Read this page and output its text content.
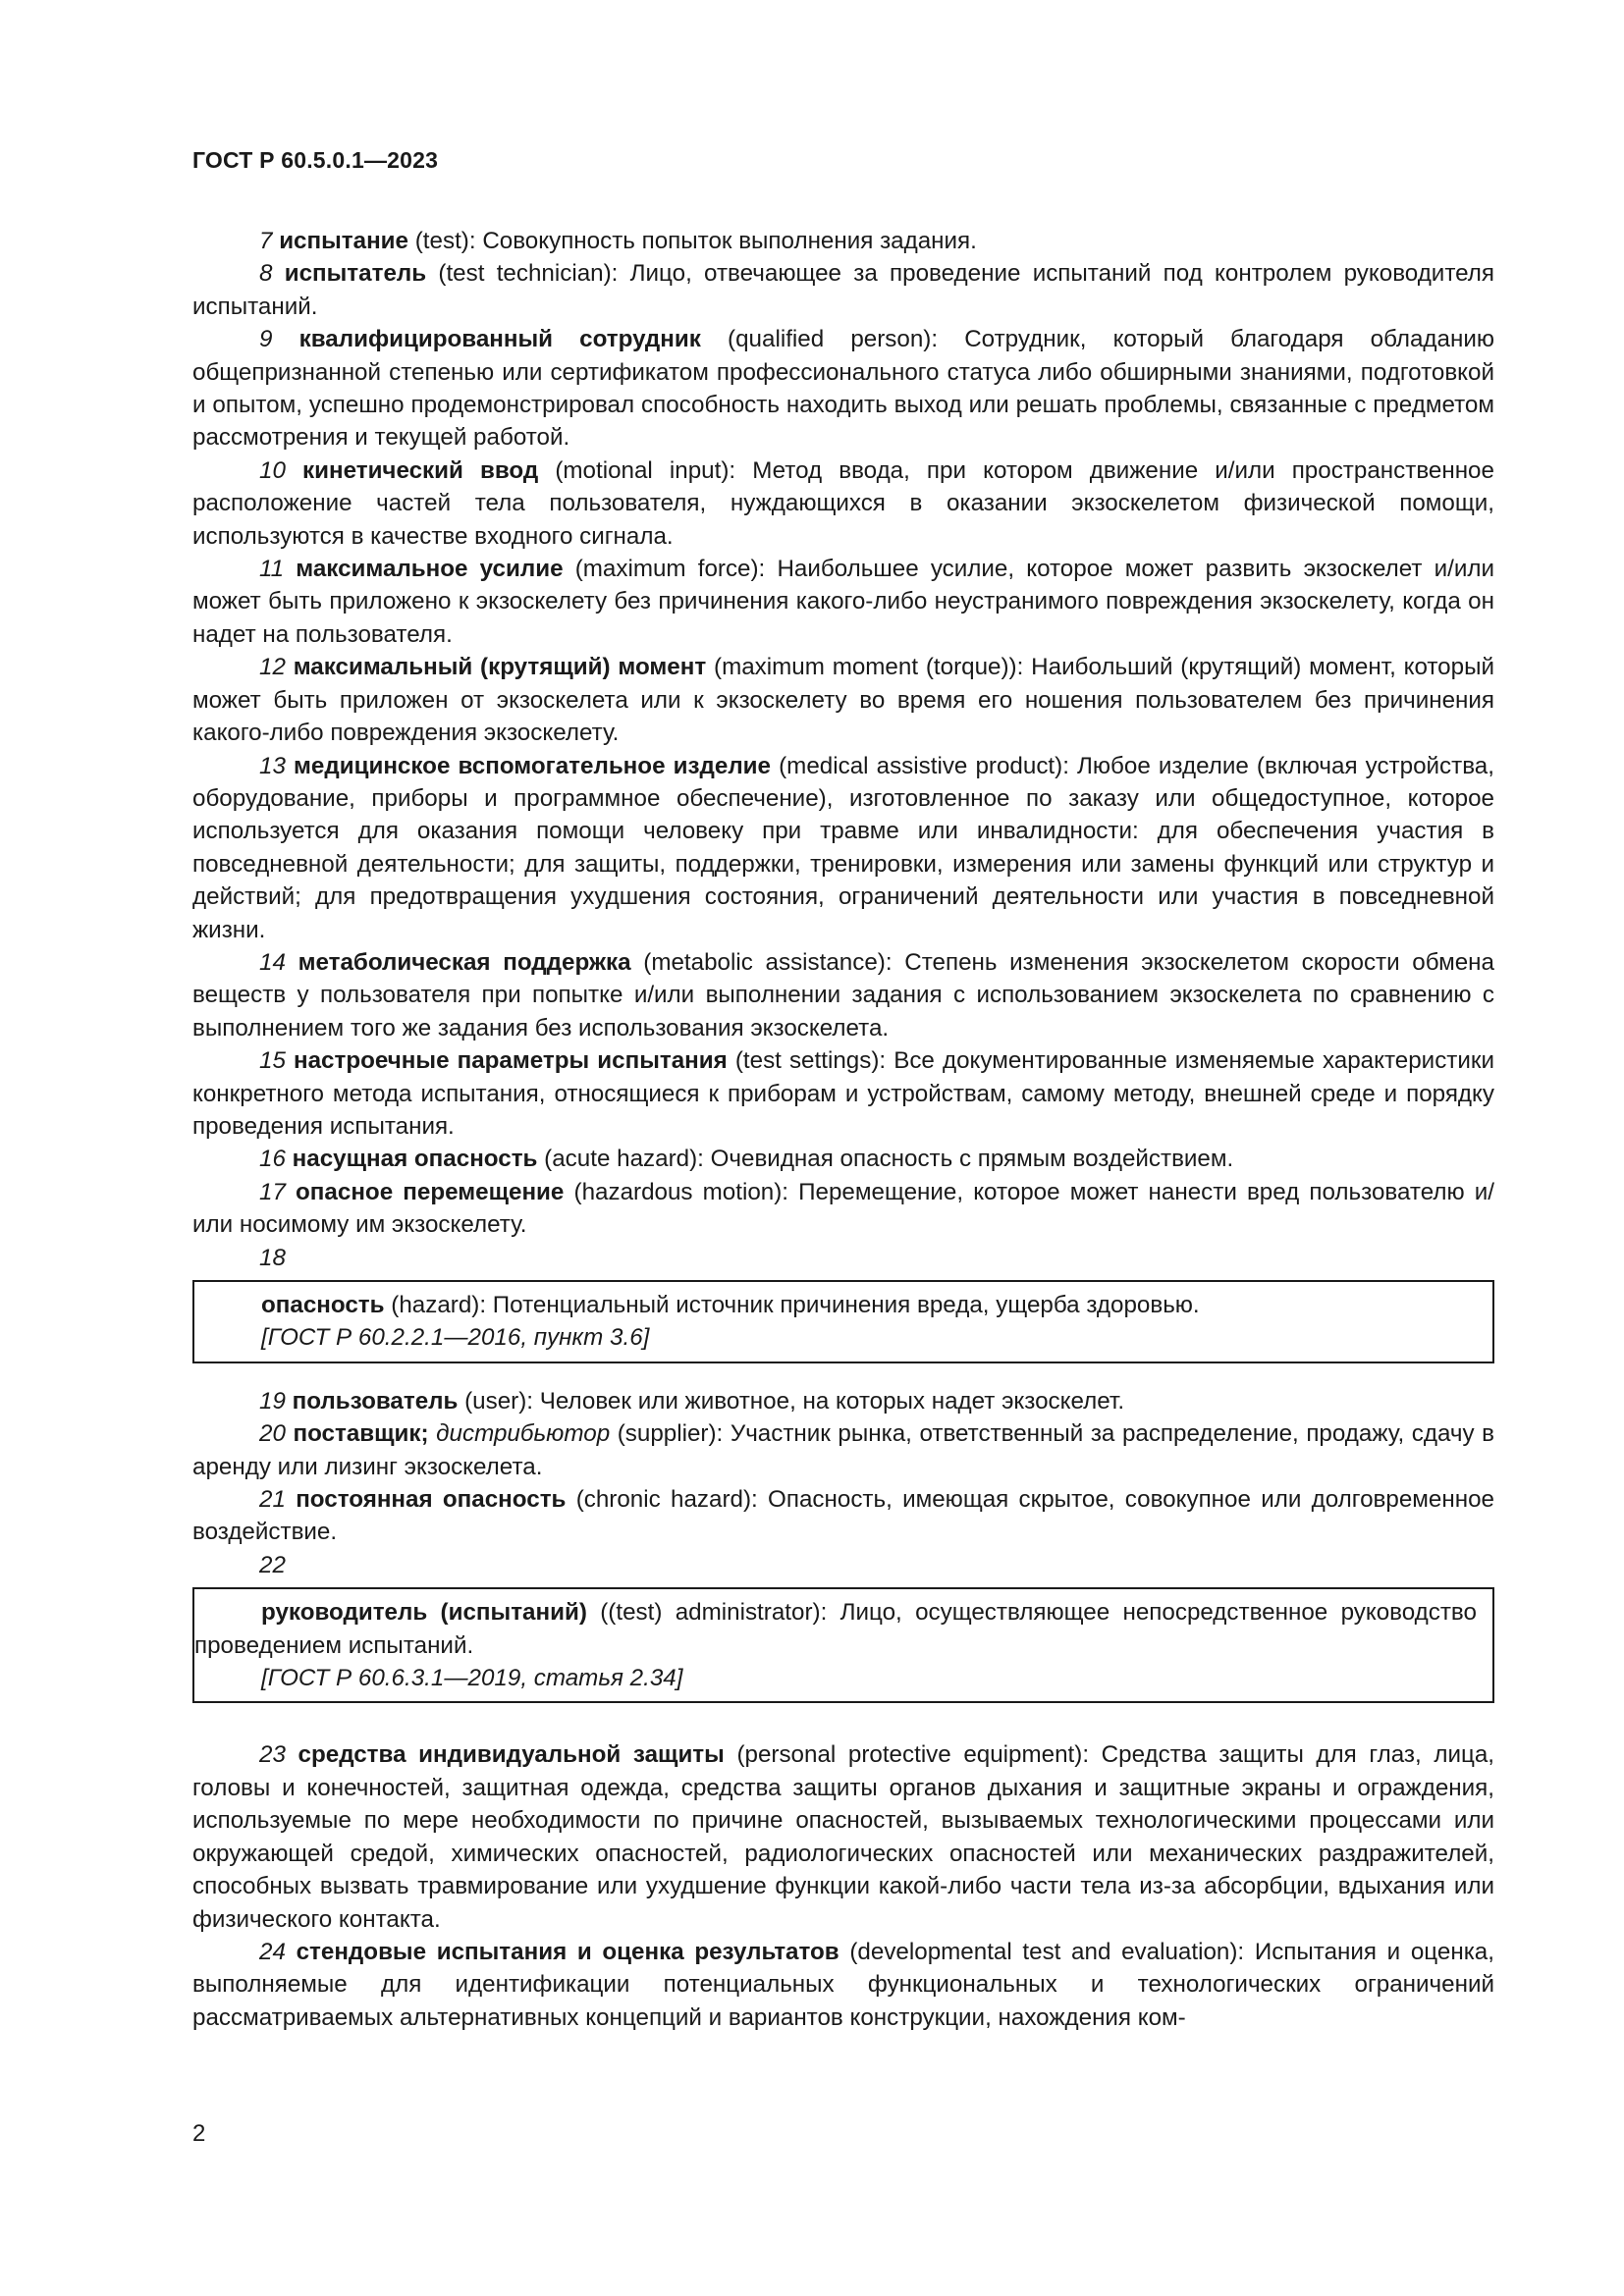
ГОСТ Р 60.5.0.1—2023

7 испытание (test): Совокупность попыток выполнения задания.

8 испытатель (test technician): Лицо, отвечающее за проведение испытаний под контролем руководителя испытаний.

9 квалифицированный сотрудник (qualified person): Сотрудник, который благодаря обладанию общепризнанной степенью или сертификатом профессионального статуса либо обширными знаниями, подготовкой и опытом, успешно продемонстрировал способность находить выход или решать проблемы, связанные с предметом рассмотрения и текущей работой.

10 кинетический ввод (motional input): Метод ввода, при котором движение и/или пространственное расположение частей тела пользователя, нуждающихся в оказании экзоскелетом физической помощи, используются в качестве входного сигнала.

11 максимальное усилие (maximum force): Наибольшее усилие, которое может развить экзоскелет и/или может быть приложено к экзоскелету без причинения какого-либо неустранимого повреждения экзоскелету, когда он надет на пользователя.

12 максимальный (крутящий) момент (maximum moment (torque)): Наибольший (крутящий) момент, который может быть приложен от экзоскелета или к экзоскелету во время его ношения пользователем без причинения какого-либо повреждения экзоскелету.

13 медицинское вспомогательное изделие (medical assistive product): Любое изделие (включая устройства, оборудование, приборы и программное обеспечение), изготовленное по заказу или общедоступное, которое используется для оказания помощи человеку при травме или инвалидности: для обеспечения участия в повседневной деятельности; для защиты, поддержки, тренировки, измерения или замены функций или структур и действий; для предотвращения ухудшения состояния, ограничений деятельности или участия в повседневной жизни.

14 метаболическая поддержка (metabolic assistance): Степень изменения экзоскелетом скорости обмена веществ у пользователя при попытке и/или выполнении задания с использованием экзоскелета по сравнению с выполнением того же задания без использования экзоскелета.

15 настроечные параметры испытания (test settings): Все документированные изменяемые характеристики конкретного метода испытания, относящиеся к приборам и устройствам, самому методу, внешней среде и порядку проведения испытания.

16 насущная опасность (acute hazard): Очевидная опасность с прямым воздействием.

17 опасное перемещение (hazardous motion): Перемещение, которое может нанести вред пользователю и/или носимому им экзоскелету.

18

опасность (hazard): Потенциальный источник причинения вреда, ущерба здоровью.

[ГОСТ Р 60.2.2.1—2016, пункт 3.6]

19 пользователь (user): Человек или животное, на которых надет экзоскелет.

20 поставщик; дистрибьютор (supplier): Участник рынка, ответственный за распределение, продажу, сдачу в аренду или лизинг экзоскелета.

21 постоянная опасность (chronic hazard): Опасность, имеющая скрытое, совокупное или долговременное воздействие.

22

руководитель (испытаний) ((test) administrator): Лицо, осуществляющее непосредственное руководство проведением испытаний.

[ГОСТ Р 60.6.3.1—2019, статья 2.34]

23 средства индивидуальной защиты (personal protective equipment): Средства защиты для глаз, лица, головы и конечностей, защитная одежда, средства защиты органов дыхания и защитные экраны и ограждения, используемые по мере необходимости по причине опасностей, вызываемых технологическими процессами или окружающей средой, химических опасностей, радиологических опасностей или механических раздражителей, способных вызвать травмирование или ухудшение функции какой-либо части тела из-за абсорбции, вдыхания или физического контакта.

24 стендовые испытания и оценка результатов (developmental test and evaluation): Испытания и оценка, выполняемые для идентификации потенциальных функциональных и технологических ограничений рассматриваемых альтернативных концепций и вариантов конструкции, нахождения ком-

2
